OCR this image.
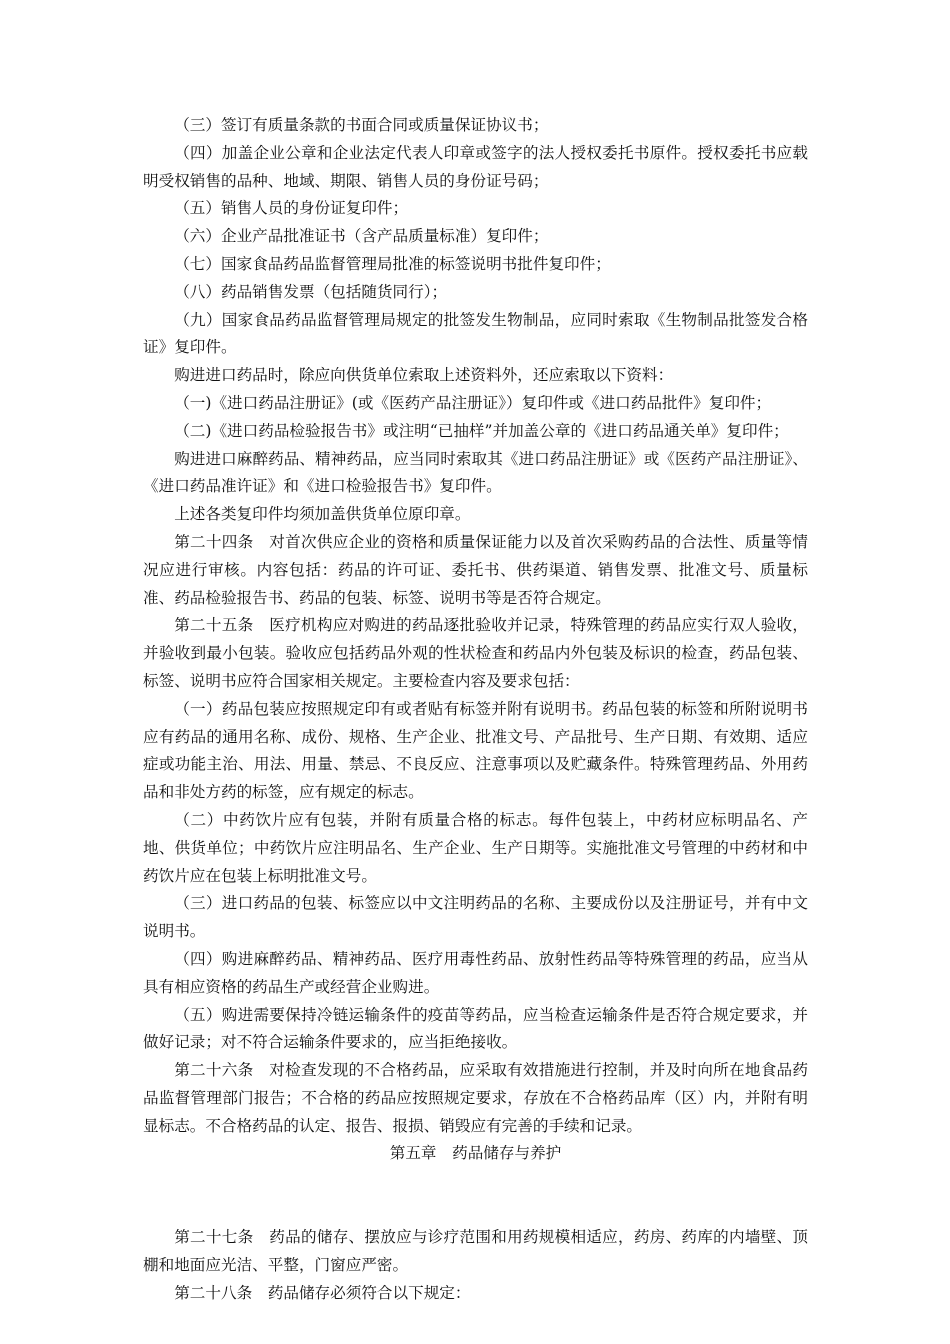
（三）签订有质量条款的书面合同或质量保证协议书；

（四）加盖企业公章和企业法定代表人印章或签字的法人授权委托书原件。授权委托书应载明受权销售的品种、地域、期限、销售人员的身份证号码；

（五）销售人员的身份证复印件；

（六）企业产品批准证书（含产品质量标准）复印件；

（七）国家食品药品监督管理局批准的标签说明书批件复印件；

（八）药品销售发票（包括随货同行）；

（九）国家食品药品监督管理局规定的批签发生物制品，应同时索取《生物制品批签发合格证》复印件。

购进进口药品时，除应向供货单位索取上述资料外，还应索取以下资料：

（一)《进口药品注册证》(或《医药产品注册证》）复印件或《进口药品批件》复印件；

（二)《进口药品检验报告书》或注明“已抽样”并加盖公章的《进口药品通关单》复印件；

购进进口麻醉药品、精神药品，应当同时索取其《进口药品注册证》或《医药产品注册证》、《进口药品准许证》和《进口检验报告书》复印件。

上述各类复印件均须加盖供货单位原印章。

第二十四条　对首次供应企业的资格和质量保证能力以及首次采购药品的合法性、质量等情况应进行审核。内容包括：药品的许可证、委托书、供药渠道、销售发票、批准文号、质量标准、药品检验报告书、药品的包装、标签、说明书等是否符合规定。

第二十五条　医疗机构应对购进的药品逐批验收并记录，特殊管理的药品应实行双人验收，并验收到最小包装。验收应包括药品外观的性状检查和药品内外包装及标识的检查，药品包装、标签、说明书应符合国家相关规定。主要检查内容及要求包括：

（一）药品包装应按照规定印有或者贴有标签并附有说明书。药品包装的标签和所附说明书应有药品的通用名称、成份、规格、生产企业、批准文号、产品批号、生产日期、有效期、适应症或功能主治、用法、用量、禁忌、不良反应、注意事项以及贮藏条件。特殊管理药品、外用药品和非处方药的标签，应有规定的标志。

（二）中药饮片应有包装，并附有质量合格的标志。每件包装上，中药材应标明品名、产地、供货单位；中药饮片应注明品名、生产企业、生产日期等。实施批准文号管理的中药材和中药饮片应在包装上标明批准文号。

（三）进口药品的包装、标签应以中文注明药品的名称、主要成份以及注册证号，并有中文说明书。

（四）购进麻醉药品、精神药品、医疗用毒性药品、放射性药品等特殊管理的药品，应当从具有相应资格的药品生产或经营企业购进。

（五）购进需要保持冷链运输条件的疫苗等药品，应当检查运输条件是否符合规定要求，并做好记录；对不符合运输条件要求的，应当拒绝接收。

第二十六条　对检查发现的不合格药品，应采取有效措施进行控制，并及时向所在地食品药品监督管理部门报告；不合格的药品应按照规定要求，存放在不合格药品库（区）内，并附有明显标志。不合格药品的认定、报告、报损、销毁应有完善的手续和记录。

第五章　药品储存与养护

第二十七条　药品的储存、摆放应与诊疗范围和用药规模相适应，药房、药库的内墙壁、顶棚和地面应光洁、平整，门窗应严密。

第二十八条　药品储存必须符合以下规定：
